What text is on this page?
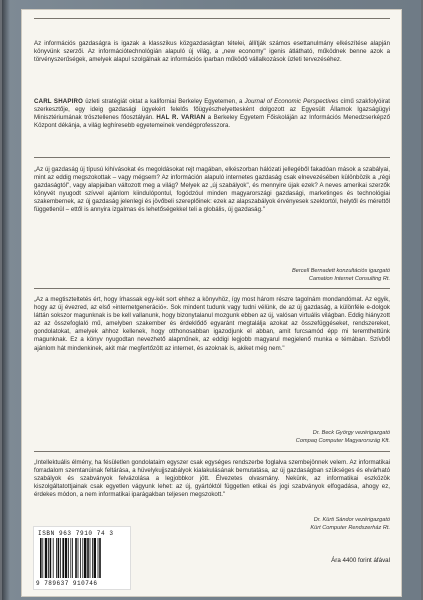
Az információs gazdaságra is igazak a klasszikus közgazdaságtan tételei, állítják számos esettanulmány elkészítése alapján könyvünk szerzői. Az információtechnológián alapuló új világ, a „new economy" igenis átlátható, működnek benne azok a törvényszerűségek, amelyek alapul szolgálnak az információs iparban működő vállalkozások üzleti tervezéséhez.
CARL SHAPIRO üzleti stratégiát oktat a kaliforniai Berkeley Egyetemen, a Journal of Economic Perspectives című szakfolyóirat szerkesztője, egy ideig gazdasági ügyekért felelős főügyészhelyettesként dolgozott az Egyesült Államok Igazságügyi Minisztériumának trösztellenes főosztályán. HAL R. VARIAN a Berkeley Egyetem Főiskoláján az Információs Menedzserképző Központ dékánja, a világ leghíresebb egyetemeinek vendégprofesszora.
„Az új gazdaság új típusú kihívásokat és megoldásokat rejt magában, elkészorban hálózati jellegéből fakadóan mások a szabályai, mint az eddig megszokottak – vagy mégsem? Az információn alapuló internetes gazdaság csak elnevezésében különbözik a „régi gazdaságtól", vagy alapjaiban változott meg a világ? Melyek az „új szabályok", és mennyire újak ezek? A neves amerikai szerzők könyvét nyugodt szívvel ajánlom kiindulópontul, fogódzóul minden magyarországi gazdasági, marketinges és technológiai szakembernek, az új gazdaság jelenlegi és jövőbeli szereplőinek: ezek az alapszabályok érvényesek szektortól, helytől és mérettől függetlenül – ettől is annyira izgalmas és lehetőségekkel teli a globális, új gazdaság."
Bercell Bernadett konzultációs igazgató
Camation Internet Consulting Rt.
„Az a megtiszteltetés ért, hogy írhassak egy-két sort ehhez a könyvhöz, így most három részre tagolnám mondandómat. Az egyik, hogy az új évezred, az első »internetgeneráció«. Sok mindent tudunk vagy tudni vélünk, de az új gazdaság, a különféle e-dolgok láttán sokszor magunknak is be kell vallanunk, hogy bizonytalanul mozgunk ebben az új, valósan virtuális világban. Eddig hiányzott az az összefoglaló mű, amelyben szakember és érdeklődő egyaránt megtalálja azokat az összefüggéseket, rendszereket, gondolatokat, amelyek ahhoz kellenek, hogy otthonosabban igazodjunk el abban, amit furcsamód épp mi teremthettünk magunknak. Ez a könyv nyugodtan nevezhető alapműnek, az eddigi legjobb magyarul megjelenő munka e témában. Szívből ajánlom hát mindenkinek, akit már megfertőzött az internet, és azoknak is, akiket még nem."
Dr. Beck György vezérigazgató
Compaq Computer Magyarország Kft.
„Intellektuális élmény, ha fésületlen gondolataim egyszer csak egységes rendszerbe foglalva szembejönnek velem. Az informatikai forradalom szemtanúinak feltárása, a hüvelykujjszabályok kialakulásának bemutatása, az új gazdaságban szükséges és elvárható szabályok és szabványok felvázolása a legjobbkor jött. Élvezetes olvasmány. Nekünk, az informatikai eszközök kiszolgáltatottjainak csak egyetlen vágyunk lehet: az új, gyártóktól független etikai és jogi szabványok elfogadása, ahogy ez, érdekes módon, a nem informatikai iparágakban teljesen megszokott."
Dr. Kürti Sándor vezérigazgató
Kürt Computer Rendszerház Rt.
ISBN 963 7910 74 3
9 789637 910746
Ára 4400 forint áfával
